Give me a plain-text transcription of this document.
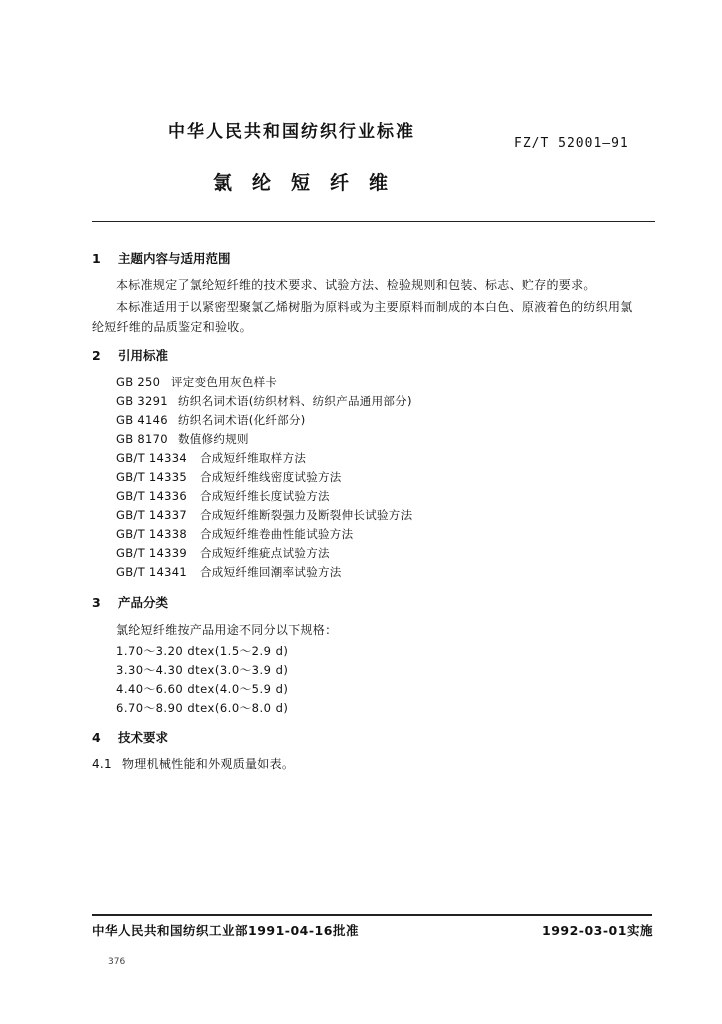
中华人民共和国纺织行业标准
FZ/T 52001—91
氯纶短纤维
1 主题内容与适用范围
本标准规定了氯纶短纤维的技术要求、试验方法、检验规则和包装、标志、贮存的要求。
本标准适用于以紧密型聚氯乙烯树脂为原料或为主要原料而制成的本白色、原液着色的纺织用氯
纶短纤维的品质鉴定和验收。
2 引用标准
GB 250 评定变色用灰色样卡
GB 3291 纺织名词术语(纺织材料、纺织产品通用部分)
GB 4146 纺织名词术语(化纤部分)
GB 8170 数值修约规则
GB/T 14334 合成短纤维取样方法
GB/T 14335 合成短纤维线密度试验方法
GB/T 14336 合成短纤维长度试验方法
GB/T 14337 合成短纤维断裂强力及断裂伸长试验方法
GB/T 14338 合成短纤维卷曲性能试验方法
GB/T 14339 合成短纤维疵点试验方法
GB/T 14341 合成短纤维回潮率试验方法
3 产品分类
氯纶短纤维按产品用途不同分以下规格：
1.70～3.20 dtex(1.5～2.9 d)
3.30～4.30 dtex(3.0～3.9 d)
4.40～6.60 dtex(4.0～5.9 d)
6.70～8.90 dtex(6.0～8.0 d)
4 技术要求
4.1 物理机械性能和外观质量如表。
中华人民共和国纺织工业部1991-04-16批准	1992-03-01实施
376
